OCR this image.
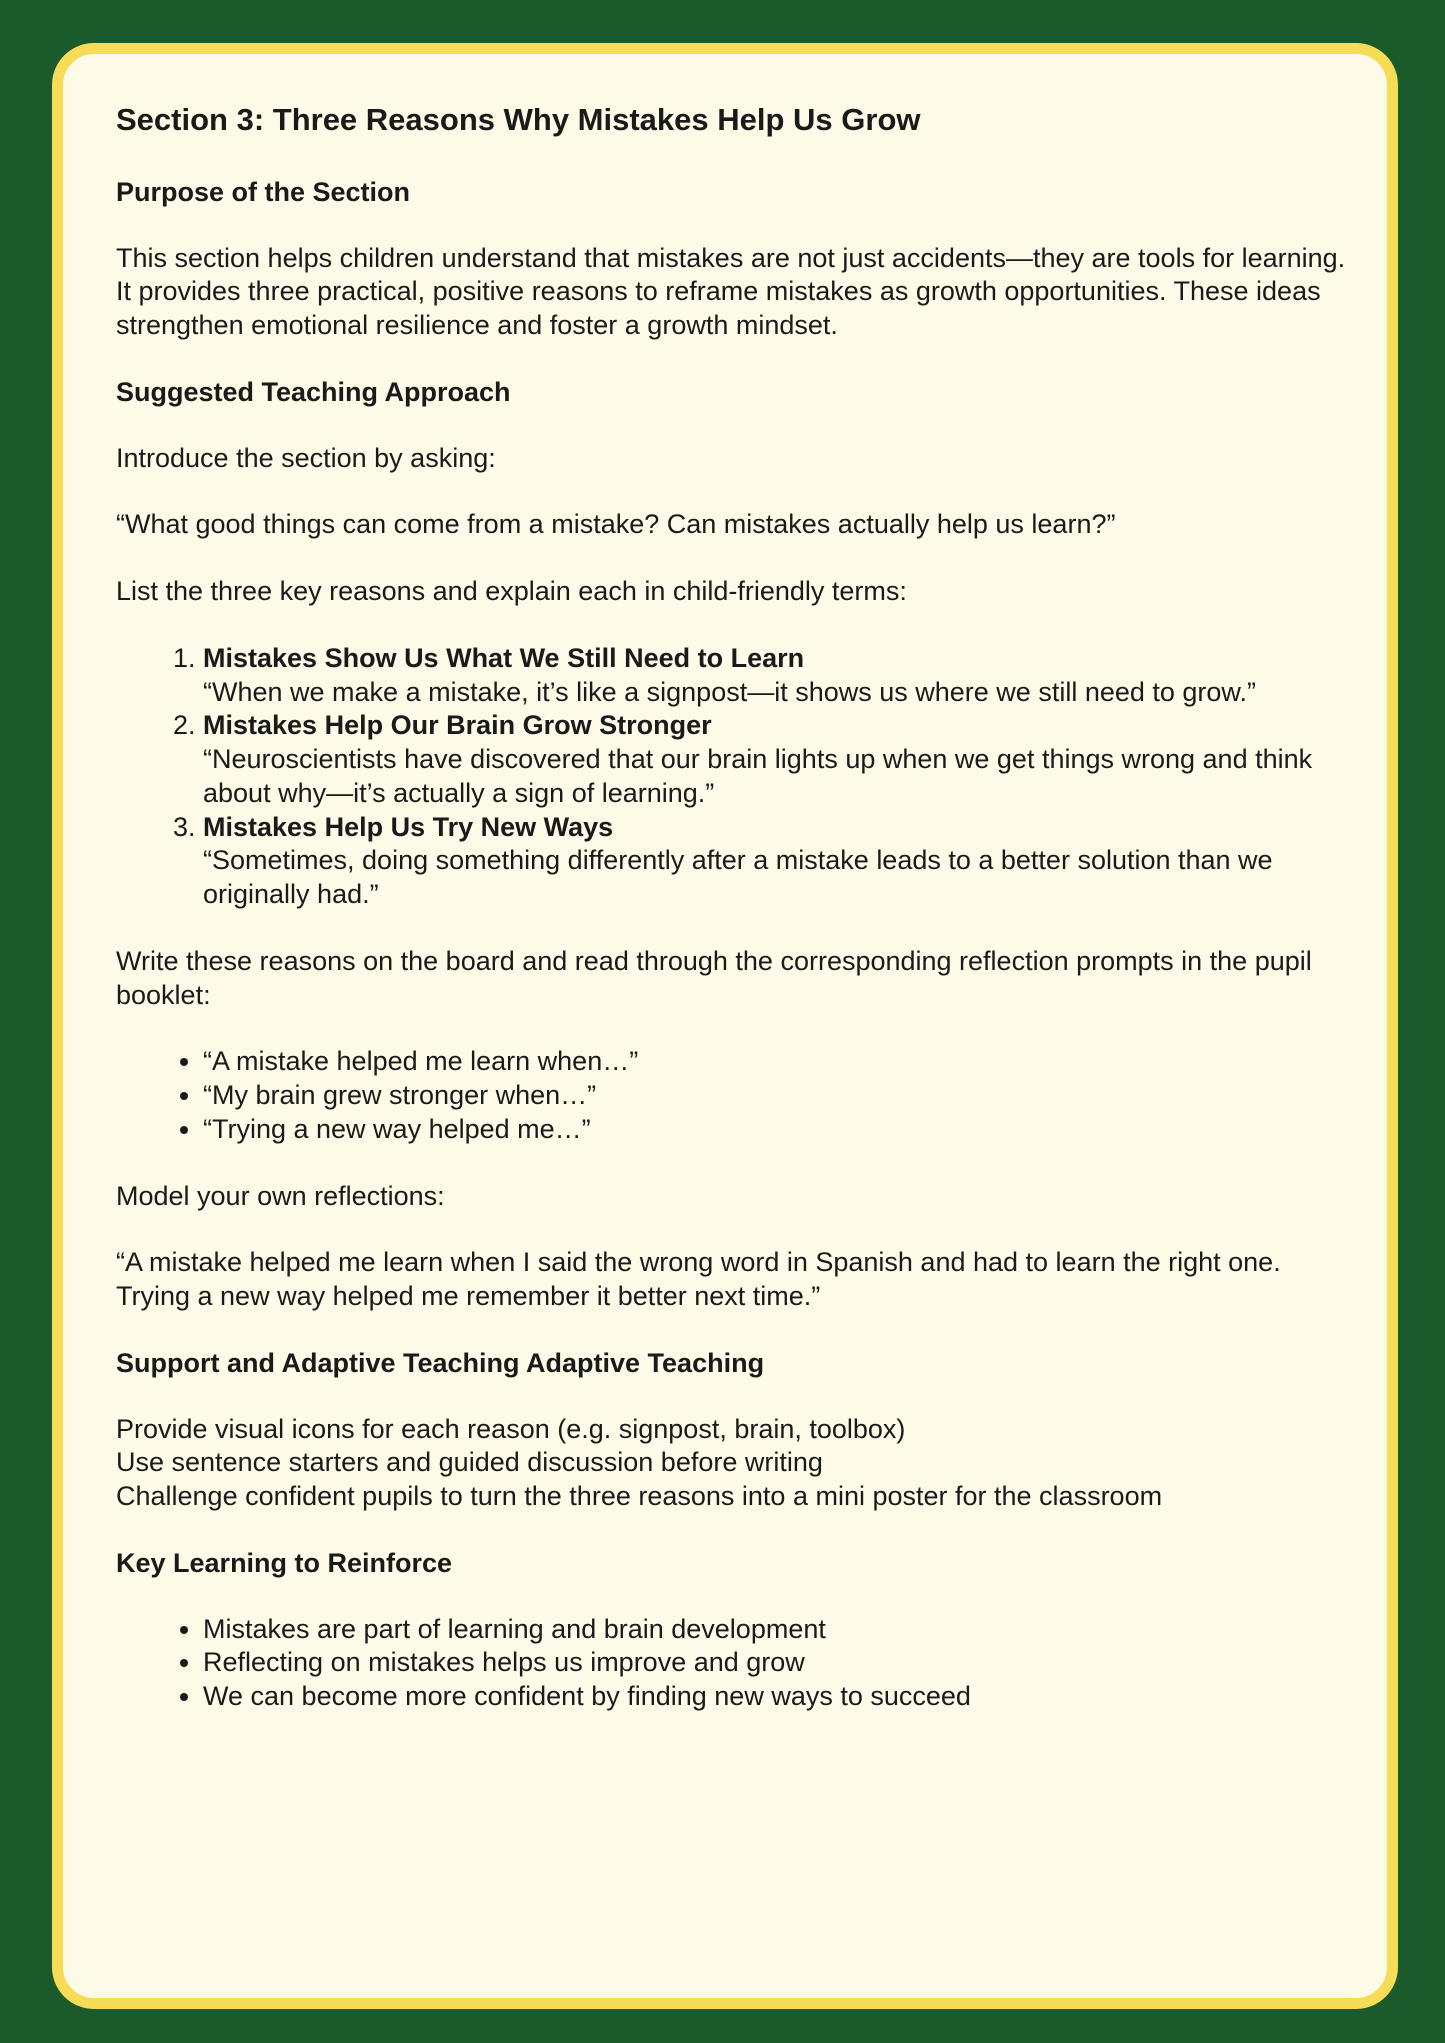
Section 3: Three Reasons Why Mistakes Help Us Grow
Purpose of the Section

This section helps children understand that mistakes are not just accidents—they are tools for learning. It provides three practical, positive reasons to reframe mistakes as growth opportunities. These ideas strengthen emotional resilience and foster a growth mindset.

Suggested Teaching Approach

Introduce the section by asking:

“What good things can come from a mistake? Can mistakes actually help us learn?”

List the three key reasons and explain each in child-friendly terms:

1. Mistakes Show Us What We Still Need to Learn
“When we make a mistake, it’s like a signpost—it shows us where we still need to grow.”
2. Mistakes Help Our Brain Grow Stronger
“Neuroscientists have discovered that our brain lights up when we get things wrong and think about why—it’s actually a sign of learning.”
3. Mistakes Help Us Try New Ways
“Sometimes, doing something differently after a mistake leads to a better solution than we originally had.”

Write these reasons on the board and read through the corresponding reflection prompts in the pupil booklet:

• “A mistake helped me learn when…”
• “My brain grew stronger when…”
• “Trying a new way helped me…”

Model your own reflections:

“A mistake helped me learn when I said the wrong word in Spanish and had to learn the right one.
Trying a new way helped me remember it better next time.”

Support and Adaptive Teaching Adaptive Teaching

Provide visual icons for each reason (e.g. signpost, brain, toolbox)
Use sentence starters and guided discussion before writing
Challenge confident pupils to turn the three reasons into a mini poster for the classroom

Key Learning to Reinforce
• Mistakes are part of learning and brain development
• Reflecting on mistakes helps us improve and grow
• We can become more confident by finding new ways to succeed
